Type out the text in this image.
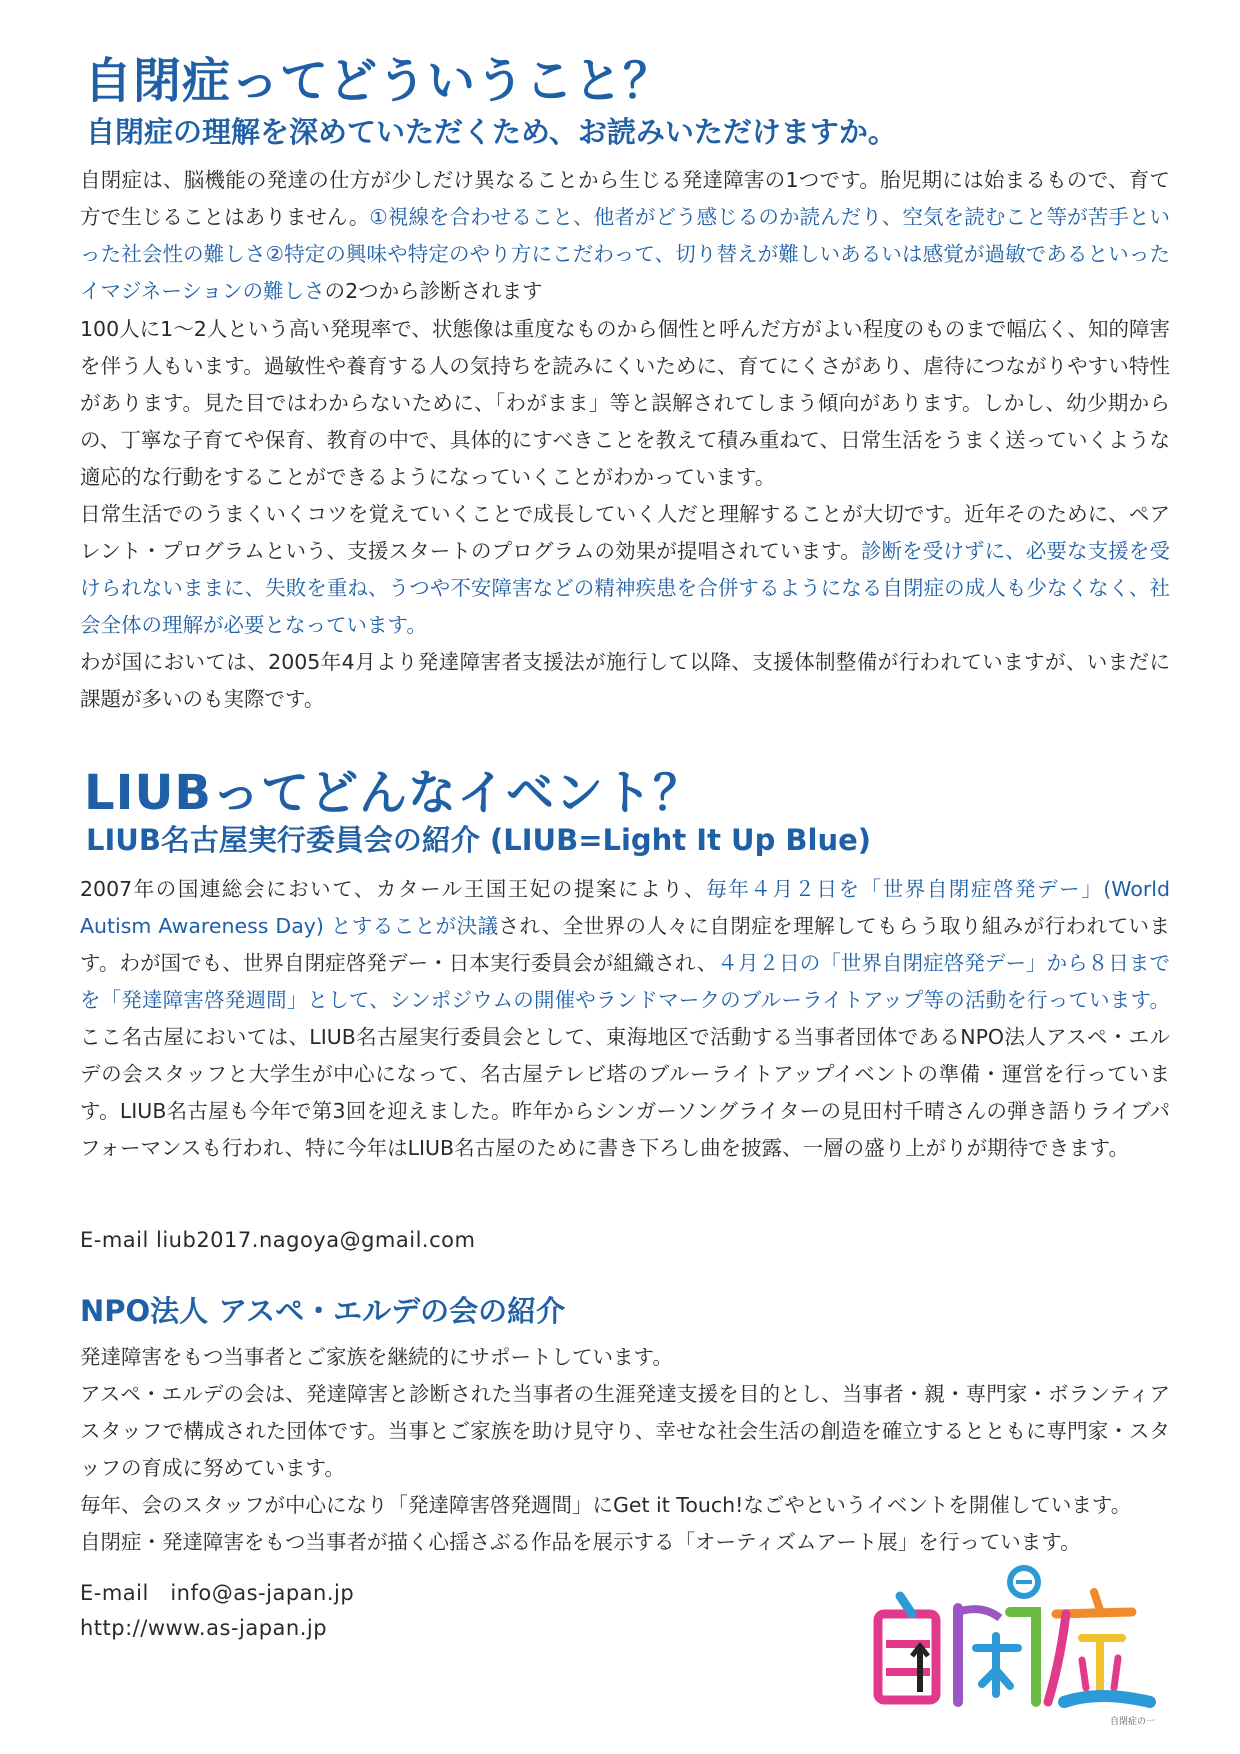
自閉症ってどういうこと？
自閉症の理解を深めていただくため、お読みいただけますか。

自閉症は、脳機能の発達の仕方が少しだけ異なることから生じる発達障害の1つです。胎児期には始まるもので、育て方で生じることはありません。①視線を合わせること、他者がどう感じるのか読んだり、空気を読むこと等が苦手といった社会性の難しさ②特定の興味や特定のやり方にこだわって、切り替えが難しいあるいは感覚が過敏であるといったイマジネーションの難しさの2つから診断されます

100人に1〜2人という高い発現率で、状態像は重度なものから個性と呼んだ方がよい程度のものまで幅広く、知的障害を伴う人もいます。過敏性や養育する人の気持ちを読みにくいために、育てにくさがあり、虐待につながりやすい特性があります。見た目ではわからないために、「わがまま」等と誤解されてしまう傾向があります。しかし、幼少期からの、丁寧な子育てや保育、教育の中で、具体的にすべきことを教えて積み重ねて、日常生活をうまく送っていくような適応的な行動をすることができるようになっていくことがわかっています。

日常生活でのうまくいくコツを覚えていくことで成長していく人だと理解することが大切です。近年そのために、ペアレント・プログラムという、支援スタートのプログラムの効果が提唱されています。診断を受けずに、必要な支援を受けられないままに、失敗を重ね、うつや不安障害などの精神疾患を合併するようになる自閉症の成人も少なくなく、社会全体の理解が必要となっています。

わが国においては、2005年4月より発達障害者支援法が施行して以降、支援体制整備が行われていますが、いまだに課題が多いのも実際です。

LIUBってどんなイベント？
LIUB名古屋実行委員会の紹介 (LIUB=Light It Up Blue)

2007年の国連総会において、カタール王国王妃の提案により、毎年４月２日を「世界自閉症啓発デー」(World Autism Awareness Day) とすることが決議され、全世界の人々に自閉症を理解してもらう取り組みが行われています。わが国でも、世界自閉症啓発デー・日本実行委員会が組織され、４月２日の「世界自閉症啓発デー」から８日までを「発達障害啓発週間」として、シンポジウムの開催やランドマークのブルーライトアップ等の活動を行っています。ここ名古屋においては、LIUB名古屋実行委員会として、東海地区で活動する当事者団体であるNPO法人アスペ・エルデの会スタッフと大学生が中心になって、名古屋テレビ塔のブルーライトアップイベントの準備・運営を行っています。LIUB名古屋も今年で第3回を迎えました。昨年からシンガーソングライターの見田村千晴さんの弾き語りライブパフォーマンスも行われ、特に今年はLIUB名古屋のために書き下ろし曲を披露、一層の盛り上がりが期待できます。

E-mail liub2017.nagoya@gmail.com

NPO法人 アスペ・エルデの会の紹介

発達障害をもつ当事者とご家族を継続的にサポートしています。

アスペ・エルデの会は、発達障害と診断された当事者の生涯発達支援を目的とし、当事者・親・専門家・ボランティアスタッフで構成された団体です。当事とご家族を助け見守り、幸せな社会生活の創造を確立するとともに専門家・スタッフの育成に努めています。

毎年、会のスタッフが中心になり「発達障害啓発週間」にGet it Touch!なごやというイベントを開催しています。

自閉症・発達障害をもつ当事者が描く心揺さぶる作品を展示する「オーティズムアート展」を行っています。

E-mail　info@as-japan.jp

http://www.as-japan.jp

自閉症の一
